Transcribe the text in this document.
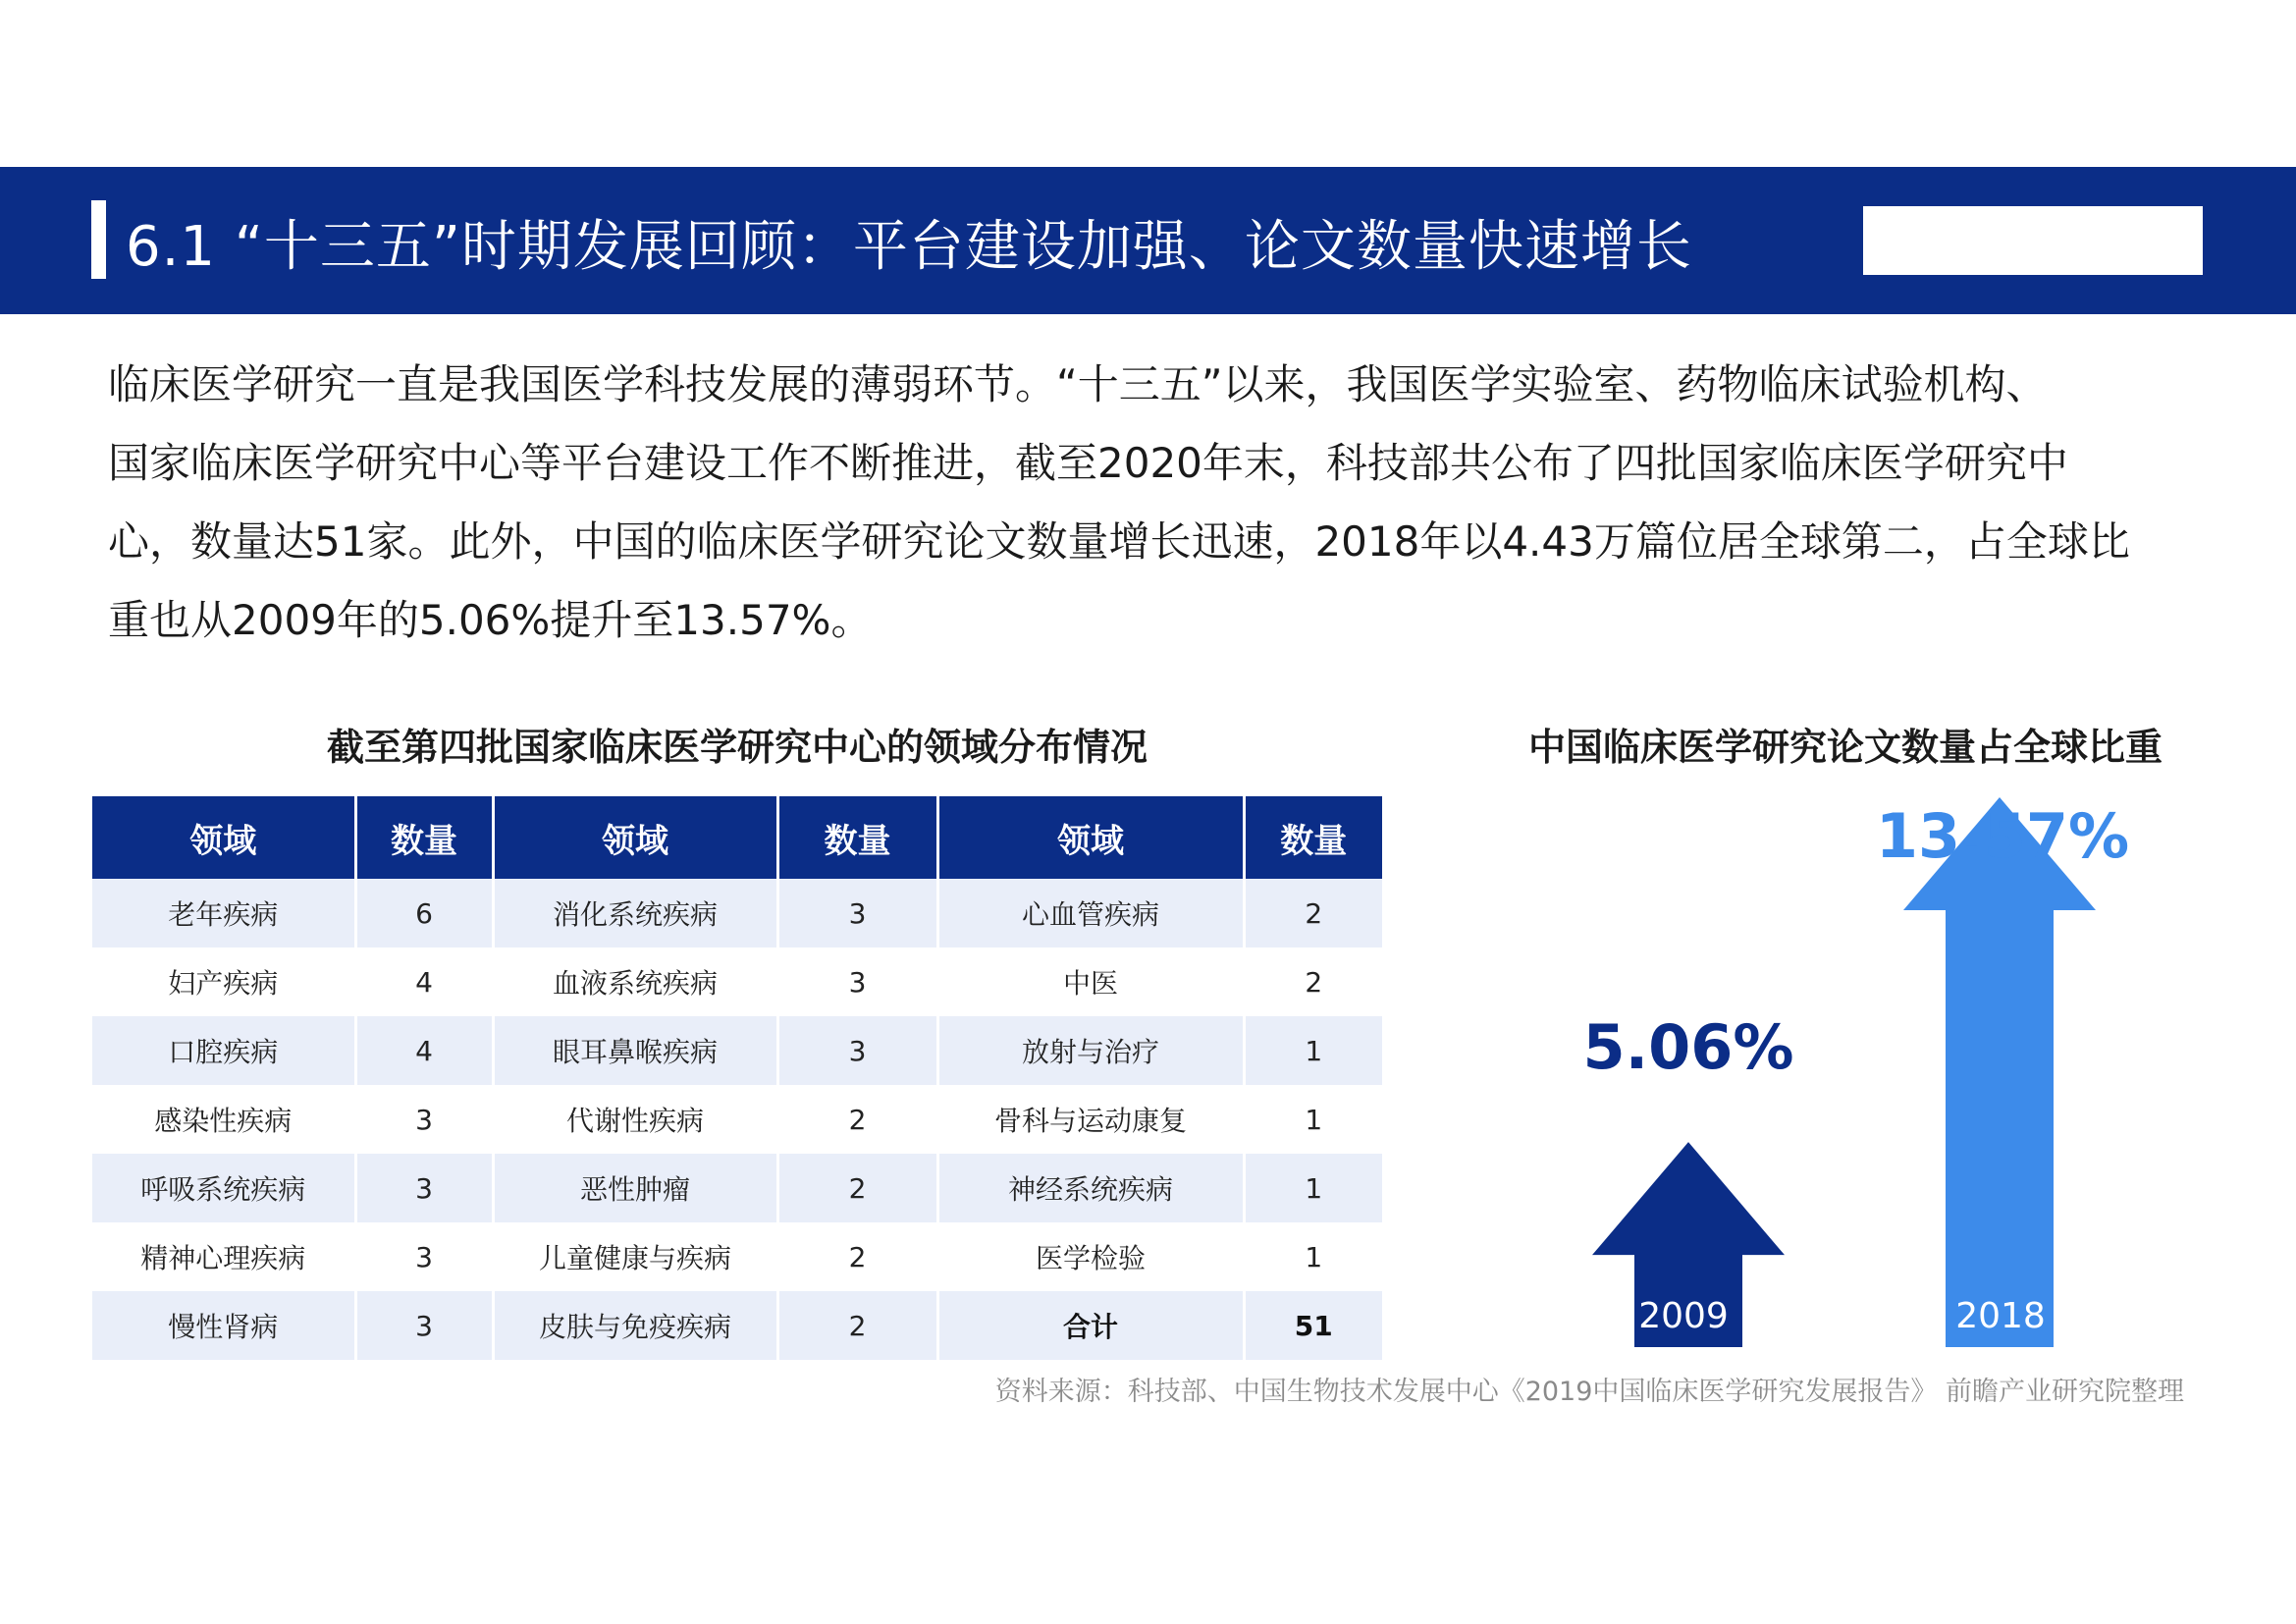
6.1 “十三五”时期发展回顾：平台建设加强、论文数量快速增长

临床医学研究一直是我国医学科技发展的薄弱环节。“十三五”以来，我国医学实验室、药物临床试验机构、

国家临床医学研究中心等平台建设工作不断推进，截至2020年末，科技部共公布了四批国家临床医学研究中

心，数量达51家。此外，中国的临床医学研究论文数量增长迅速，2018年以4.43万篇位居全球第二，占全球比

重也从2009年的5.06%提升至13.57%。

截至第四批国家临床医学研究中心的领域分布情况	中国临床医学研究论文数量占全球比重
领域	数量	领域	数量	领域	数量
老年疾病	6	消化系统疾病	3	心血管疾病	2
妇产疾病	4	血液系统疾病	3	中医	2
口腔疾病	4	眼耳鼻喉疾病	3	放射与治疗	1
感染性疾病	3	代谢性疾病	2	骨科与运动康复	1
呼吸系统疾病	3	恶性肿瘤	2	神经系统疾病	1
精神心理疾病	3	儿童健康与疾病	2	医学检验	1
慢性肾病	3	皮肤与免疫疾病	2	合计	51
5.06%
13.57%
2009	2018
资料来源：科技部、中国生物技术发展中心《2019中国临床医学研究发展报告》 前瞻产业研究院整理
